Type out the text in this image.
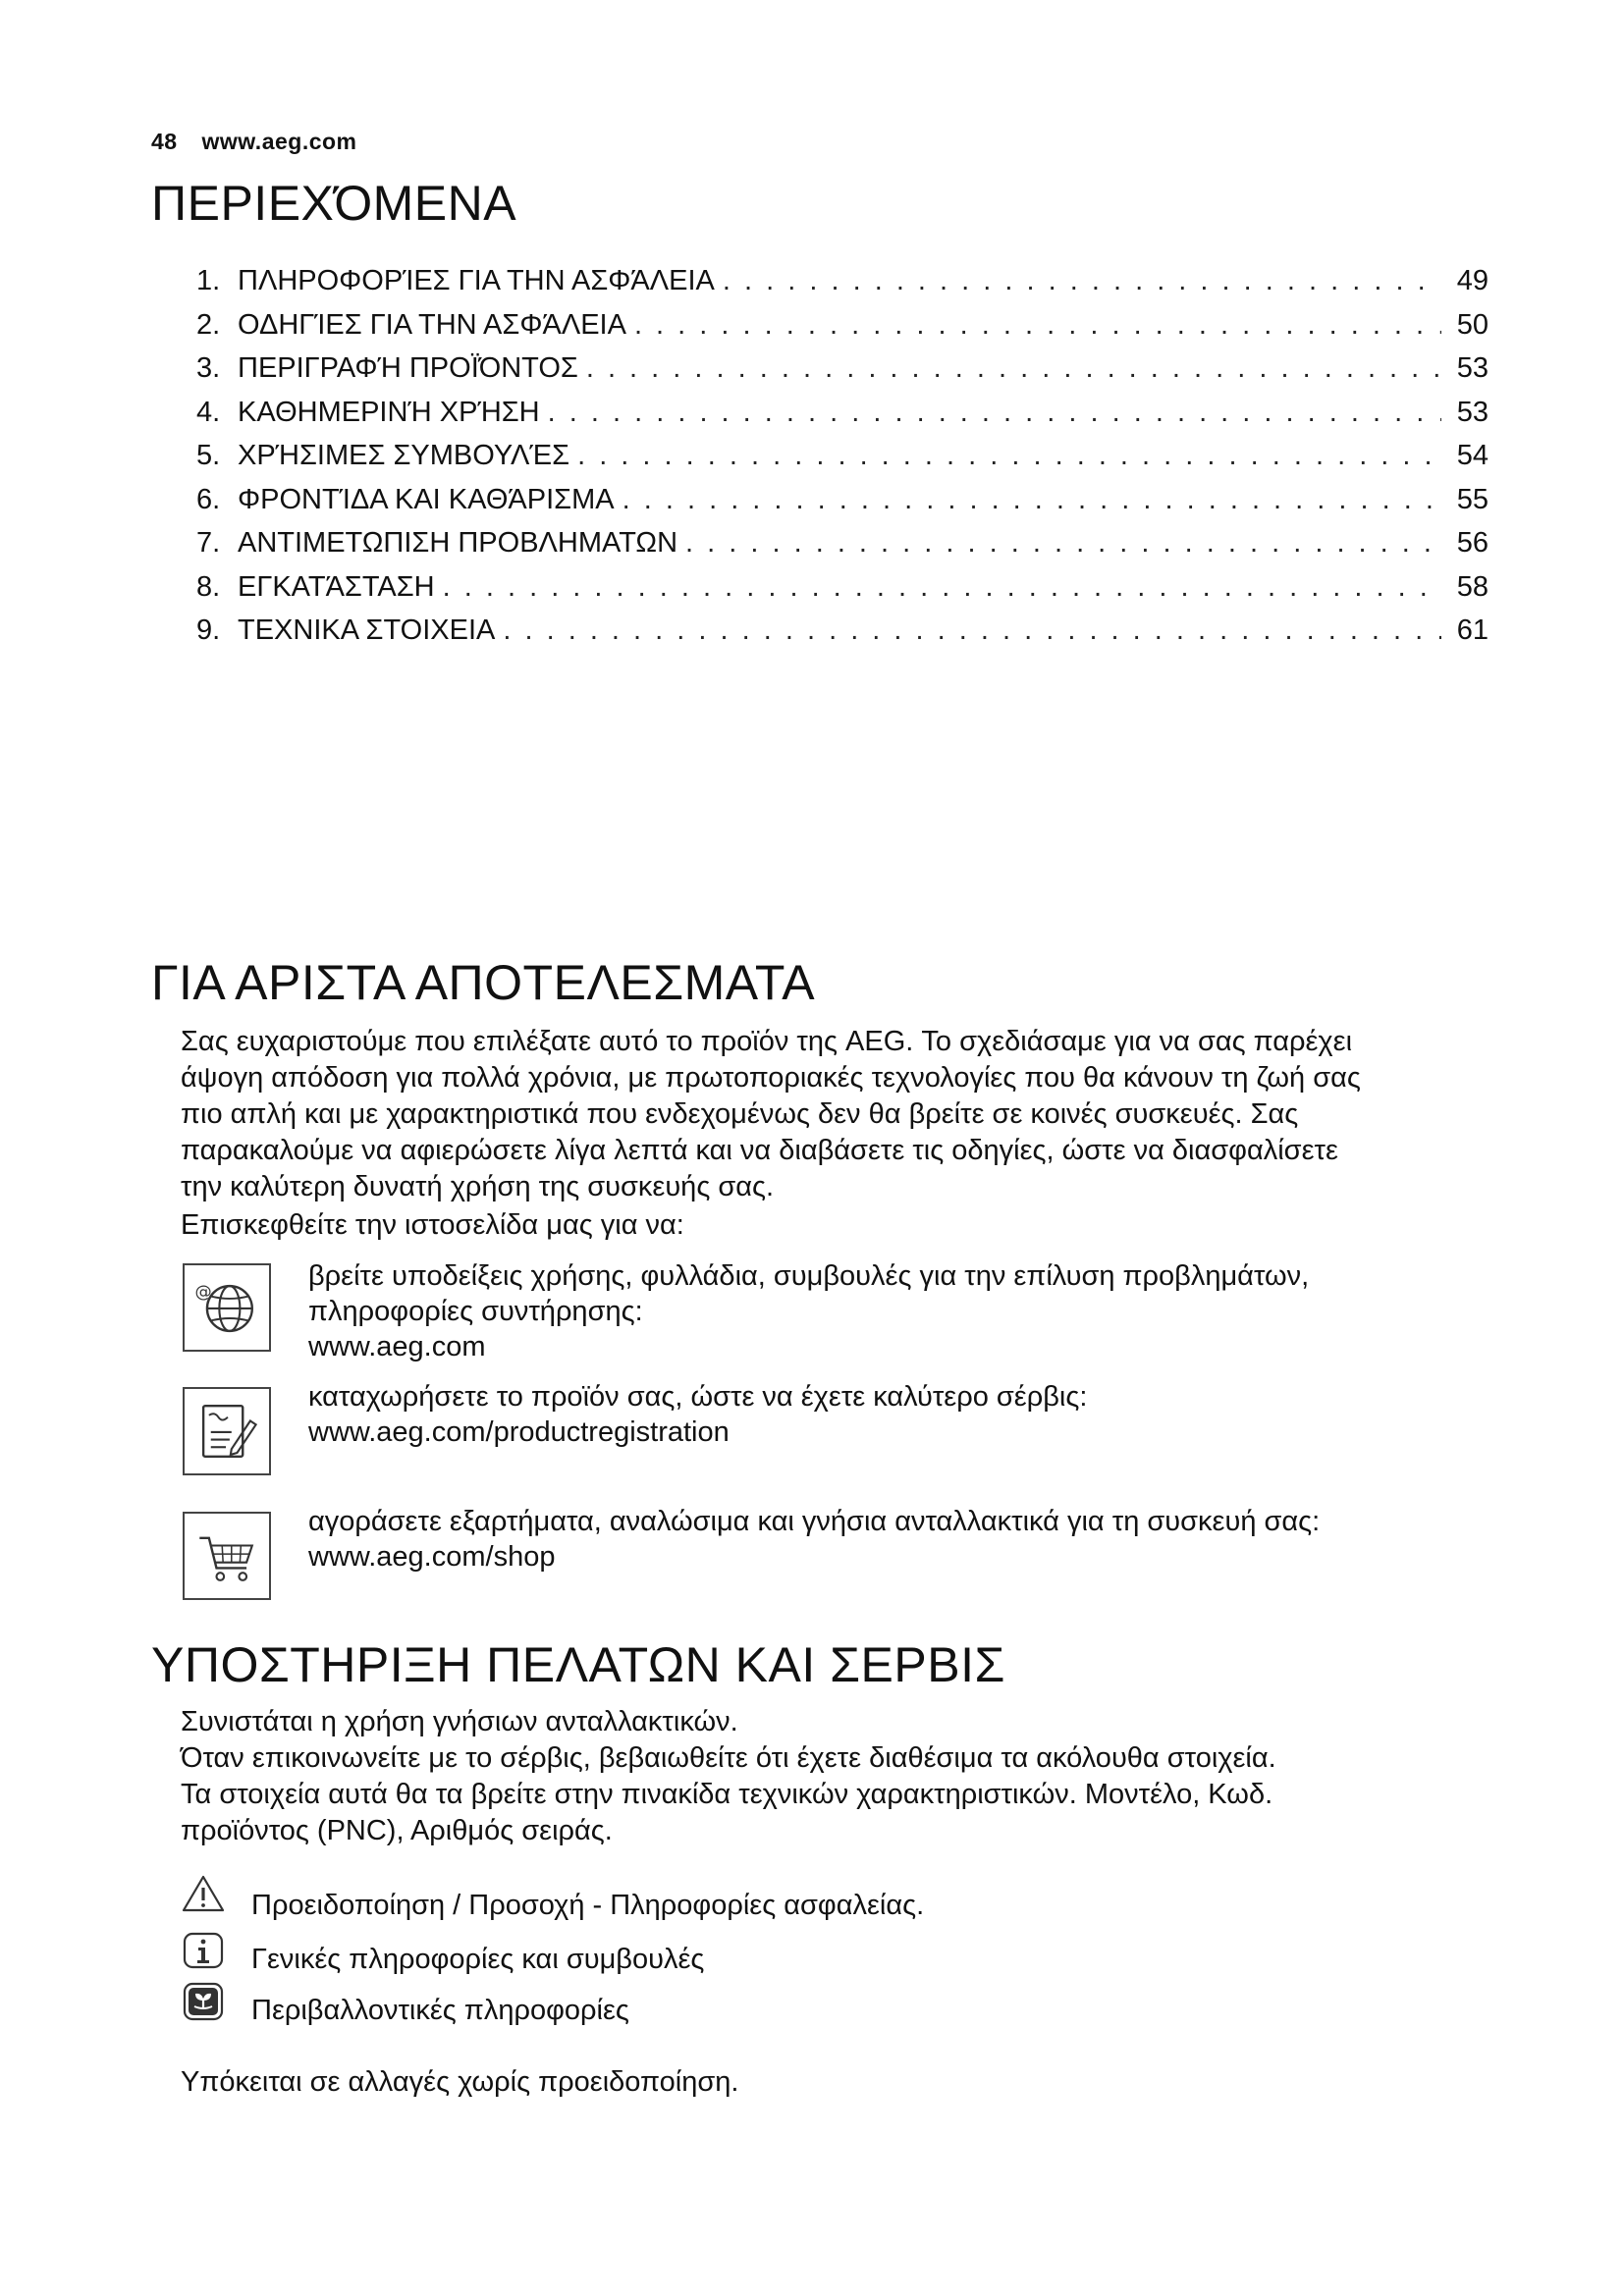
48 www.aeg.com
ΠΕΡΙΕΧΌΜΕΝΑ
1. ΠΛΗΡΟΦΟΡΊΕΣ ΓΙΑ ΤΗΝ ΑΣΦΆΛΕΙΑ . . .	49
2. ΟΔΗΓΊΕΣ ΓΙΑ ΤΗΝ ΑΣΦΆΛΕΙΑ . . .	50
3. ΠΕΡΙΓΡΑΦΉ ΠΡΟΪΌΝΤΟΣ . . .	53
4. ΚΑΘΗΜΕΡΙΝΉ ΧΡΉΣΗ . . .	53
5. ΧΡΉΣΙΜΕΣ ΣΥΜΒΟΥΛΈΣ . . .	54
6. ΦΡΟΝΤΊΔΑ ΚΑΙ ΚΑΘΆΡΙΣΜΑ . . .	55
7. ΑΝΤΙΜΕΤΩΠΙΣΗ ΠΡΟΒΛΗΜΑΤΩΝ . . .	56
8. ΕΓΚΑΤΆΣΤΑΣΗ . . .	58
9. ΤΕΧΝΙΚΑ ΣΤΟΙΧΕΙΑ . . .	61
ΓΙΑ ΑΡΙΣΤΑ ΑΠΟΤΕΛΕΣΜΑΤΑ
Σας ευχαριστούμε που επιλέξατε αυτό το προϊόν της AEG. Το σχεδιάσαμε για να σας παρέχει
άψογη απόδοση για πολλά χρόνια, με πρωτοποριακές τεχνολογίες που θα κάνουν τη ζωή σας
πιο απλή και με χαρακτηριστικά που ενδεχομένως δεν θα βρείτε σε κοινές συσκευές. Σας
παρακαλούμε να αφιερώσετε λίγα λεπτά και να διαβάσετε τις οδηγίες, ώστε να διασφαλίσετε
την καλύτερη δυνατή χρήση της συσκευής σας.
Επισκεφθείτε την ιστοσελίδα μας για να:
@
βρείτε υποδείξεις χρήσης, φυλλάδια, συμβουλές για την επίλυση προβλημάτων,
πληροφορίες συντήρησης:
www.aeg.com
καταχωρήσετε το προϊόν σας, ώστε να έχετε καλύτερο σέρβις:
www.aeg.com/productregistration
αγοράσετε εξαρτήματα, αναλώσιμα και γνήσια ανταλλακτικά για τη συσκευή σας:
www.aeg.com/shop
ΥΠΟΣΤΗΡΙΞΗ ΠΕΛΑΤΩΝ ΚΑΙ ΣΕΡΒΙΣ
Συνιστάται η χρήση γνήσιων ανταλλακτικών.
Όταν επικοινωνείτε με το σέρβις, βεβαιωθείτε ότι έχετε διαθέσιμα τα ακόλουθα στοιχεία.
Τα στοιχεία αυτά θα τα βρείτε στην πινακίδα τεχνικών χαρακτηριστικών. Μοντέλο, Κωδ.
προϊόντος (PNC), Αριθμός σειράς.
Προειδοποίηση / Προσοχή - Πληροφορίες ασφαλείας.
Γενικές πληροφορίες και συμβουλές
Περιβαλλοντικές πληροφορίες
Υπόκειται σε αλλαγές χωρίς προειδοποίηση.
